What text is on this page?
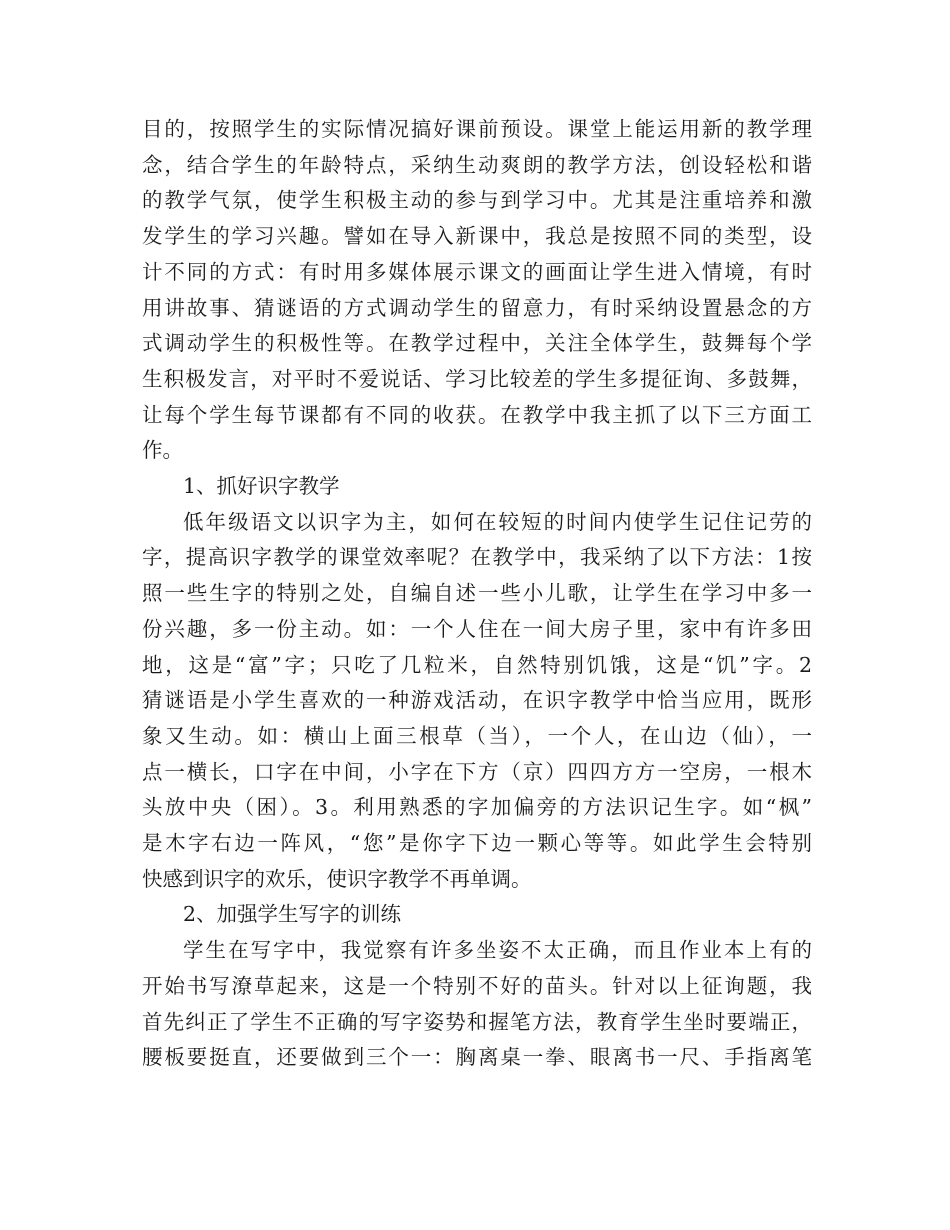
目的，按照学生的实际情况搞好课前预设。课堂上能运用新的教学理
念，结合学生的年龄特点，采纳生动爽朗的教学方法，创设轻松和谐
的教学气氛，使学生积极主动的参与到学习中。尤其是注重培养和激
发学生的学习兴趣。譬如在导入新课中，我总是按照不同的类型，设
计不同的方式：有时用多媒体展示课文的画面让学生进入情境，有时
用讲故事、猜谜语的方式调动学生的留意力，有时采纳设置悬念的方
式调动学生的积极性等。在教学过程中，关注全体学生，鼓舞每个学
生积极发言，对平时不爱说话、学习比较差的学生多提征询、多鼓舞，
让每个学生每节课都有不同的收获。在教学中我主抓了以下三方面工
作。
1、抓好识字教学
低年级语文以识字为主，如何在较短的时间内使学生记住记劳的
字，提高识字教学的课堂效率呢？在教学中，我采纳了以下方法：1按
照一些生字的特别之处，自编自述一些小儿歌，让学生在学习中多一
份兴趣，多一份主动。如：一个人住在一间大房子里，家中有许多田
地，这是“富”字；只吃了几粒米，自然特别饥饿，这是“饥”字。2
猜谜语是小学生喜欢的一种游戏活动，在识字教学中恰当应用，既形
象又生动。如：横山上面三根草（当），一个人，在山边（仙），一
点一横长，口字在中间，小字在下方（京）四四方方一空房，一根木
头放中央（困）。3。利用熟悉的字加偏旁的方法识记生字。如“枫”
是木字右边一阵风，“您”是你字下边一颗心等等。如此学生会特别
快感到识字的欢乐，使识字教学不再单调。
2、加强学生写字的训练
学生在写字中，我觉察有许多坐姿不太正确，而且作业本上有的
开始书写潦草起来，这是一个特别不好的苗头。针对以上征询题，我
首先纠正了学生不正确的写字姿势和握笔方法，教育学生坐时要端正，
腰板要挺直，还要做到三个一：胸离桌一拳、眼离书一尺、手指离笔
